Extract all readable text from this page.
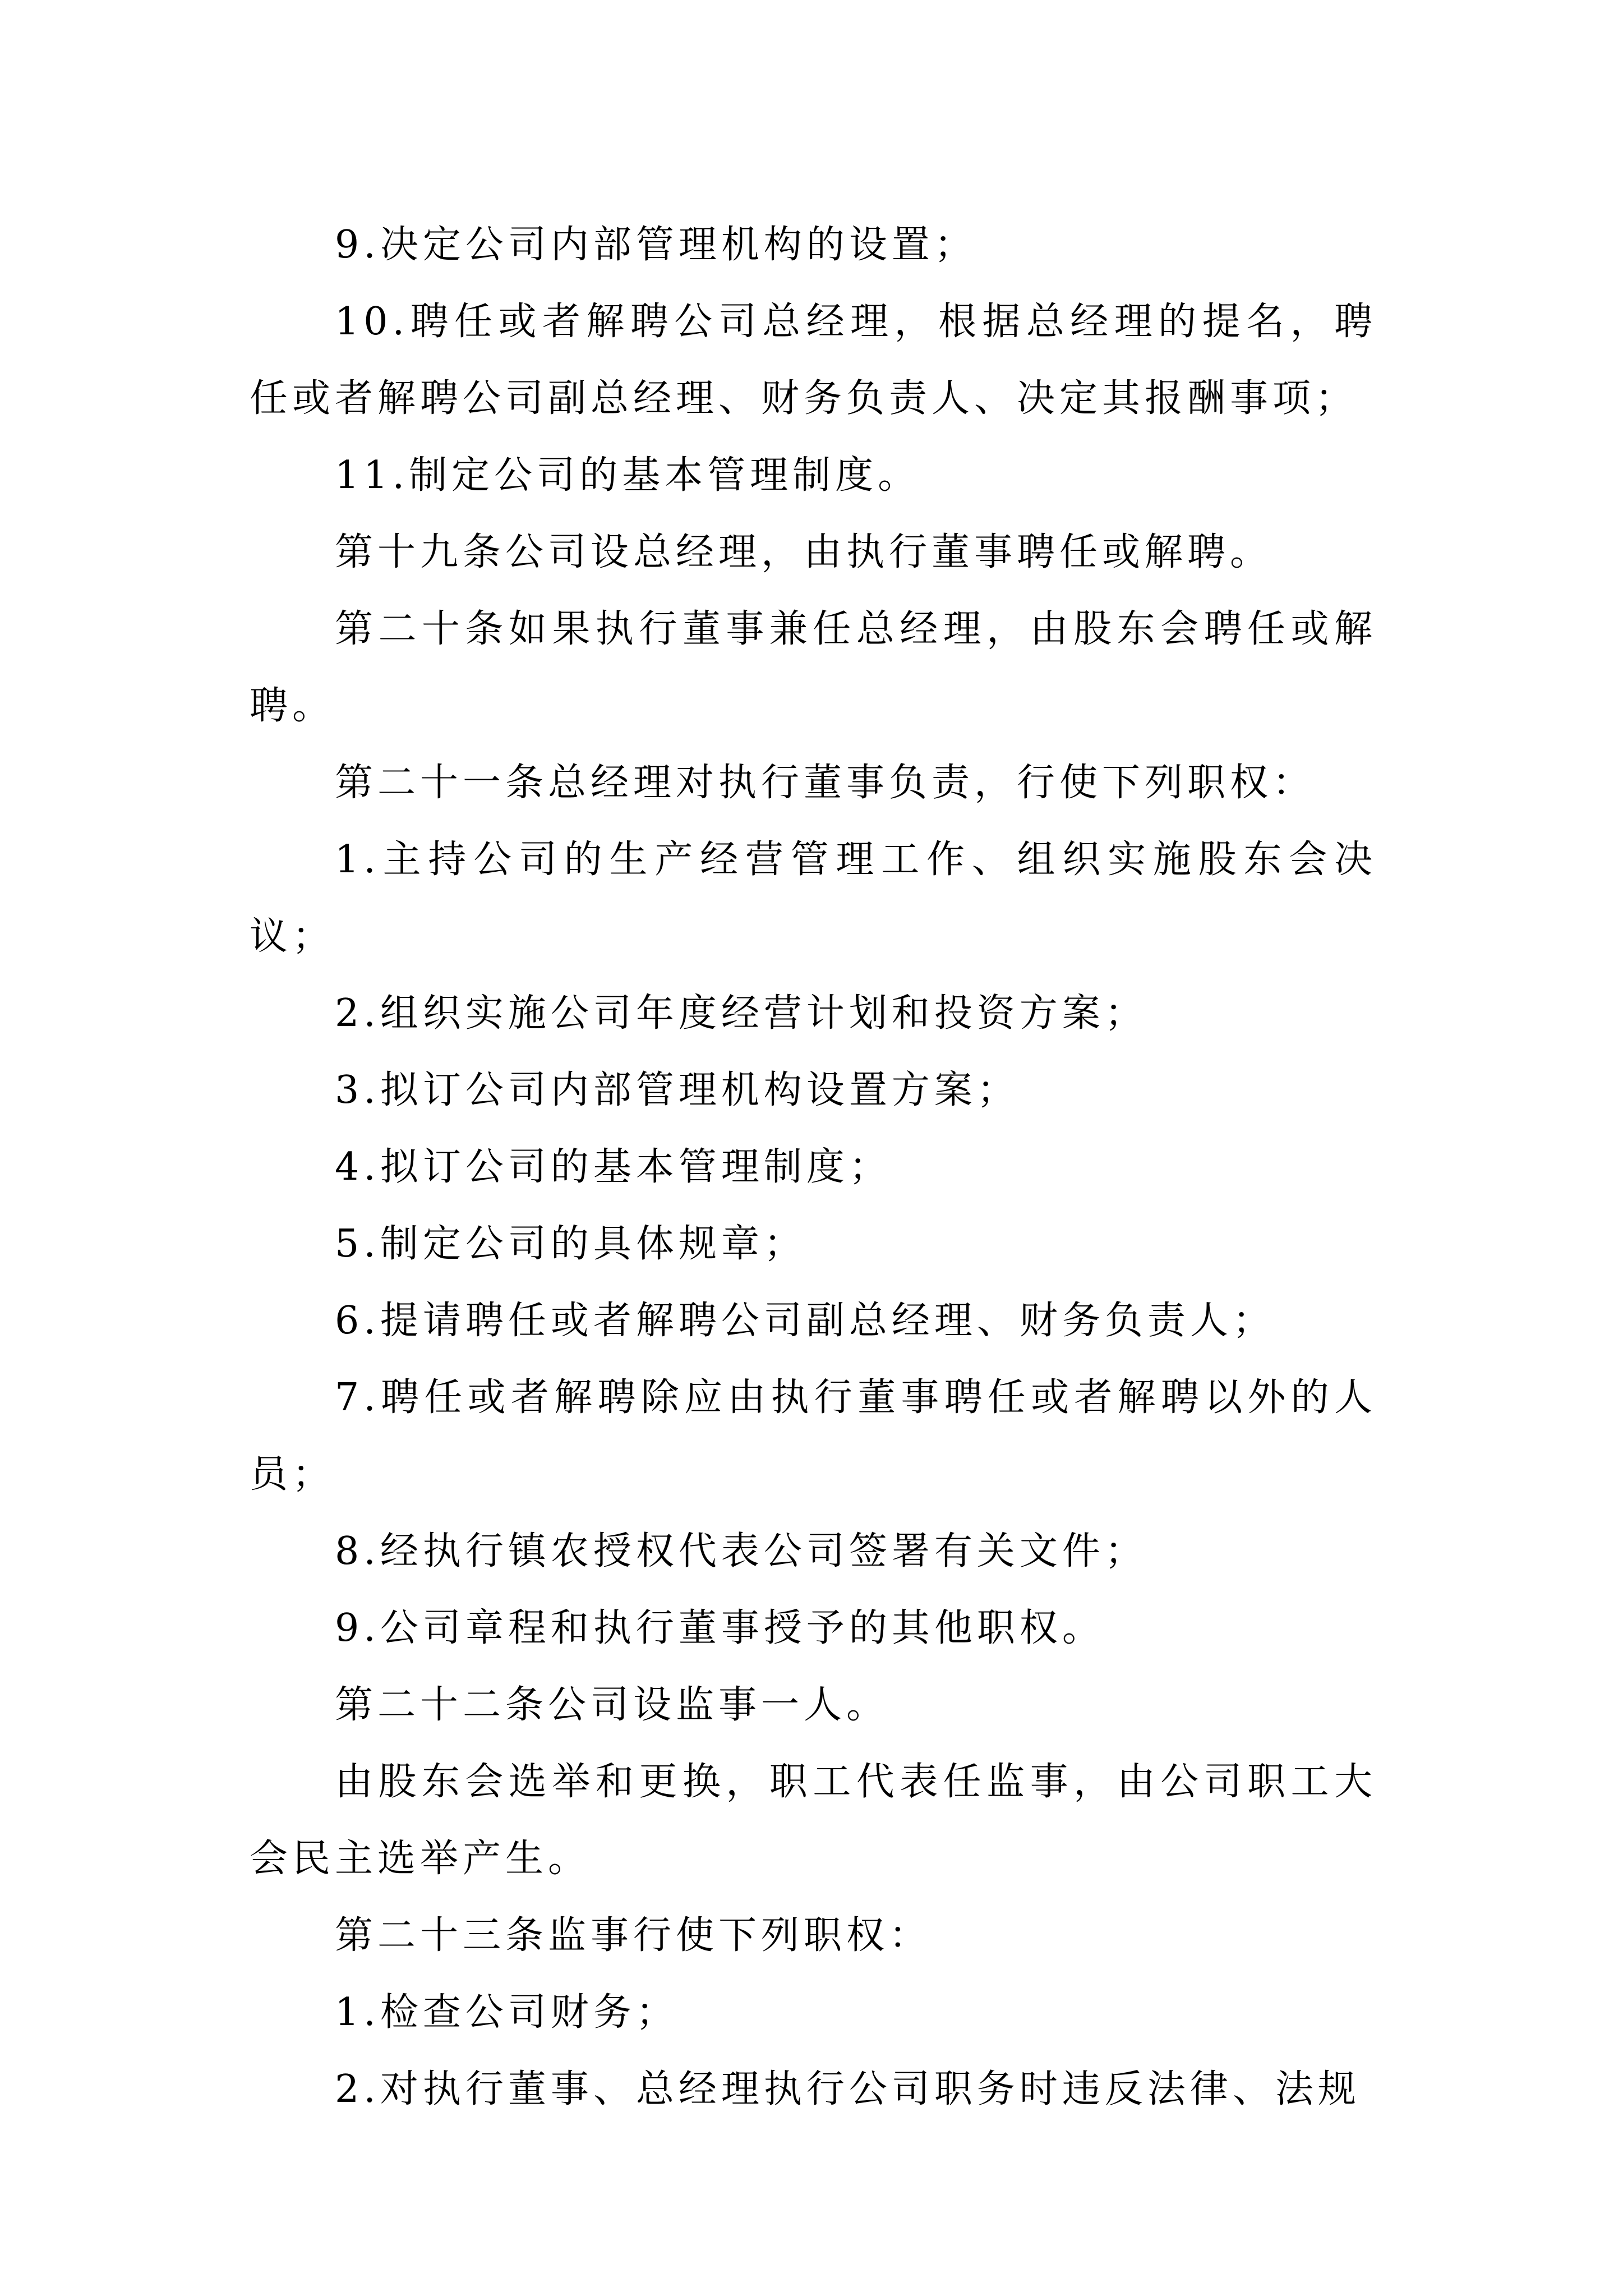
9.决定公司内部管理机构的设置；

10.聘任或者解聘公司总经理，根据总经理的提名，聘任或者解聘公司副总经理、财务负责人、决定其报酬事项；

11.制定公司的基本管理制度。

第十九条公司设总经理，由执行董事聘任或解聘。

第二十条如果执行董事兼任总经理，由股东会聘任或解聘。

第二十一条总经理对执行董事负责，行使下列职权：

1.主持公司的生产经营管理工作、组织实施股东会决议；

2.组织实施公司年度经营计划和投资方案；

3.拟订公司内部管理机构设置方案；

4.拟订公司的基本管理制度；

5.制定公司的具体规章；

6.提请聘任或者解聘公司副总经理、财务负责人；

7.聘任或者解聘除应由执行董事聘任或者解聘以外的人员；

8.经执行镇农授权代表公司签署有关文件；

9.公司章程和执行董事授予的其他职权。

第二十二条公司设监事一人。

由股东会选举和更换，职工代表任监事，由公司职工大会民主选举产生。

第二十三条监事行使下列职权：

1.检查公司财务；

2.对执行董事、总经理执行公司职务时违反法律、法规
